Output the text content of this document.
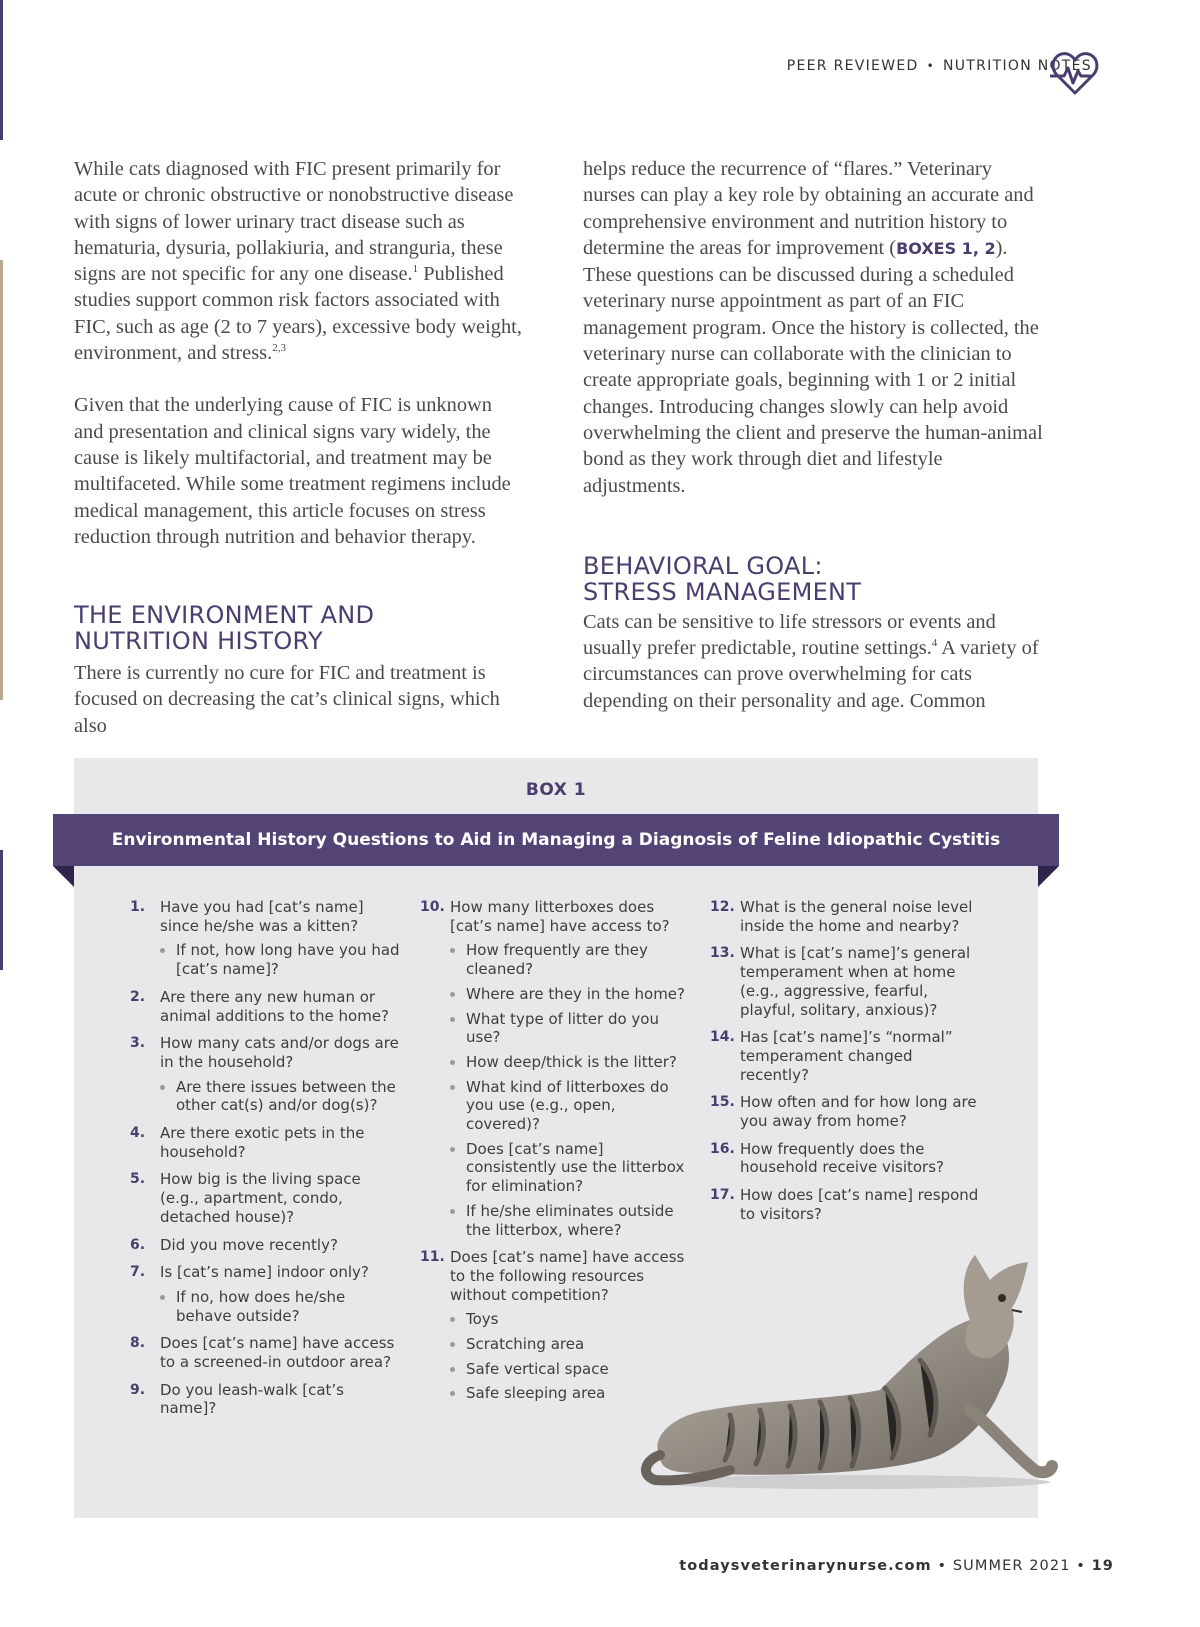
PEER REVIEWED • NUTRITION NOTES

While cats diagnosed with FIC present primarily for acute or chronic obstructive or nonobstructive disease with signs of lower urinary tract disease such as hematuria, dysuria, pollakiuria, and stranguria, these signs are not specific for any one disease.$^1$ Published studies support common risk factors associated with FIC, such as age (2 to 7 years), excessive body weight, environment, and stress.$^{2,3}$

Given that the underlying cause of FIC is unknown and presentation and clinical signs vary widely, the cause is likely multifactorial, and treatment may be multifaceted. While some treatment regimens include medical management, this article focuses on stress reduction through nutrition and behavior therapy.

THE ENVIRONMENT AND
NUTRITION HISTORY

There is currently no cure for FIC and treatment is focused on decreasing the cat’s clinical signs, which also

helps reduce the recurrence of “flares.” Veterinary nurses can play a key role by obtaining an accurate and comprehensive environment and nutrition history to determine the areas for improvement (BOXES 1, 2). These questions can be discussed during a scheduled veterinary nurse appointment as part of an FIC management program. Once the history is collected, the veterinary nurse can collaborate with the clinician to create appropriate goals, beginning with 1 or 2 initial changes. Introducing changes slowly can help avoid overwhelming the client and preserve the human-animal bond as they work through diet and lifestyle adjustments.

BEHAVIORAL GOAL:
STRESS MANAGEMENT

Cats can be sensitive to life stressors or events and usually prefer predictable, routine settings.$^4$ A variety of circumstances can prove overwhelming for cats depending on their personality and age. Common

BOX 1
Environmental History Questions to Aid in Managing a Diagnosis of Feline Idiopathic Cystitis
1. Have you had [cat’s name] since he/she was a kitten?
If not, how long have you had [cat’s name]?
2. Are there any new human or animal additions to the home?
3. How many cats and/or dogs are in the household?
Are there issues between the other cat(s) and/or dog(s)?
4. Are there exotic pets in the household?
5. How big is the living space (e.g., apartment, condo, detached house)?
6. Did you move recently?
7. Is [cat’s name] indoor only?
If no, how does he/she behave outside?
8. Does [cat’s name] have access to a screened-in outdoor area?
9. Do you leash-walk [cat’s name]?
10. How many litterboxes does [cat’s name] have access to?
How frequently are they cleaned?
Where are they in the home?
What type of litter do you use?
How deep/thick is the litter?
What kind of litterboxes do you use (e.g., open, covered)?
Does [cat’s name] consistently use the litterbox for elimination?
If he/she eliminates outside the litterbox, where?
11. Does [cat’s name] have access to the following resources without competition?
Toys
Scratching area
Safe vertical space
Safe sleeping area
12. What is the general noise level inside the home and nearby?
13. What is [cat’s name]’s general temperament when at home (e.g., aggressive, fearful, playful, solitary, anxious)?
14. Has [cat’s name]’s “normal” temperament changed recently?
15. How often and for how long are you away from home?
16. How frequently does the household receive visitors?
17. How does [cat’s name] respond to visitors?
todaysveterinarynurse.com • SUMMER 2021 • 19
